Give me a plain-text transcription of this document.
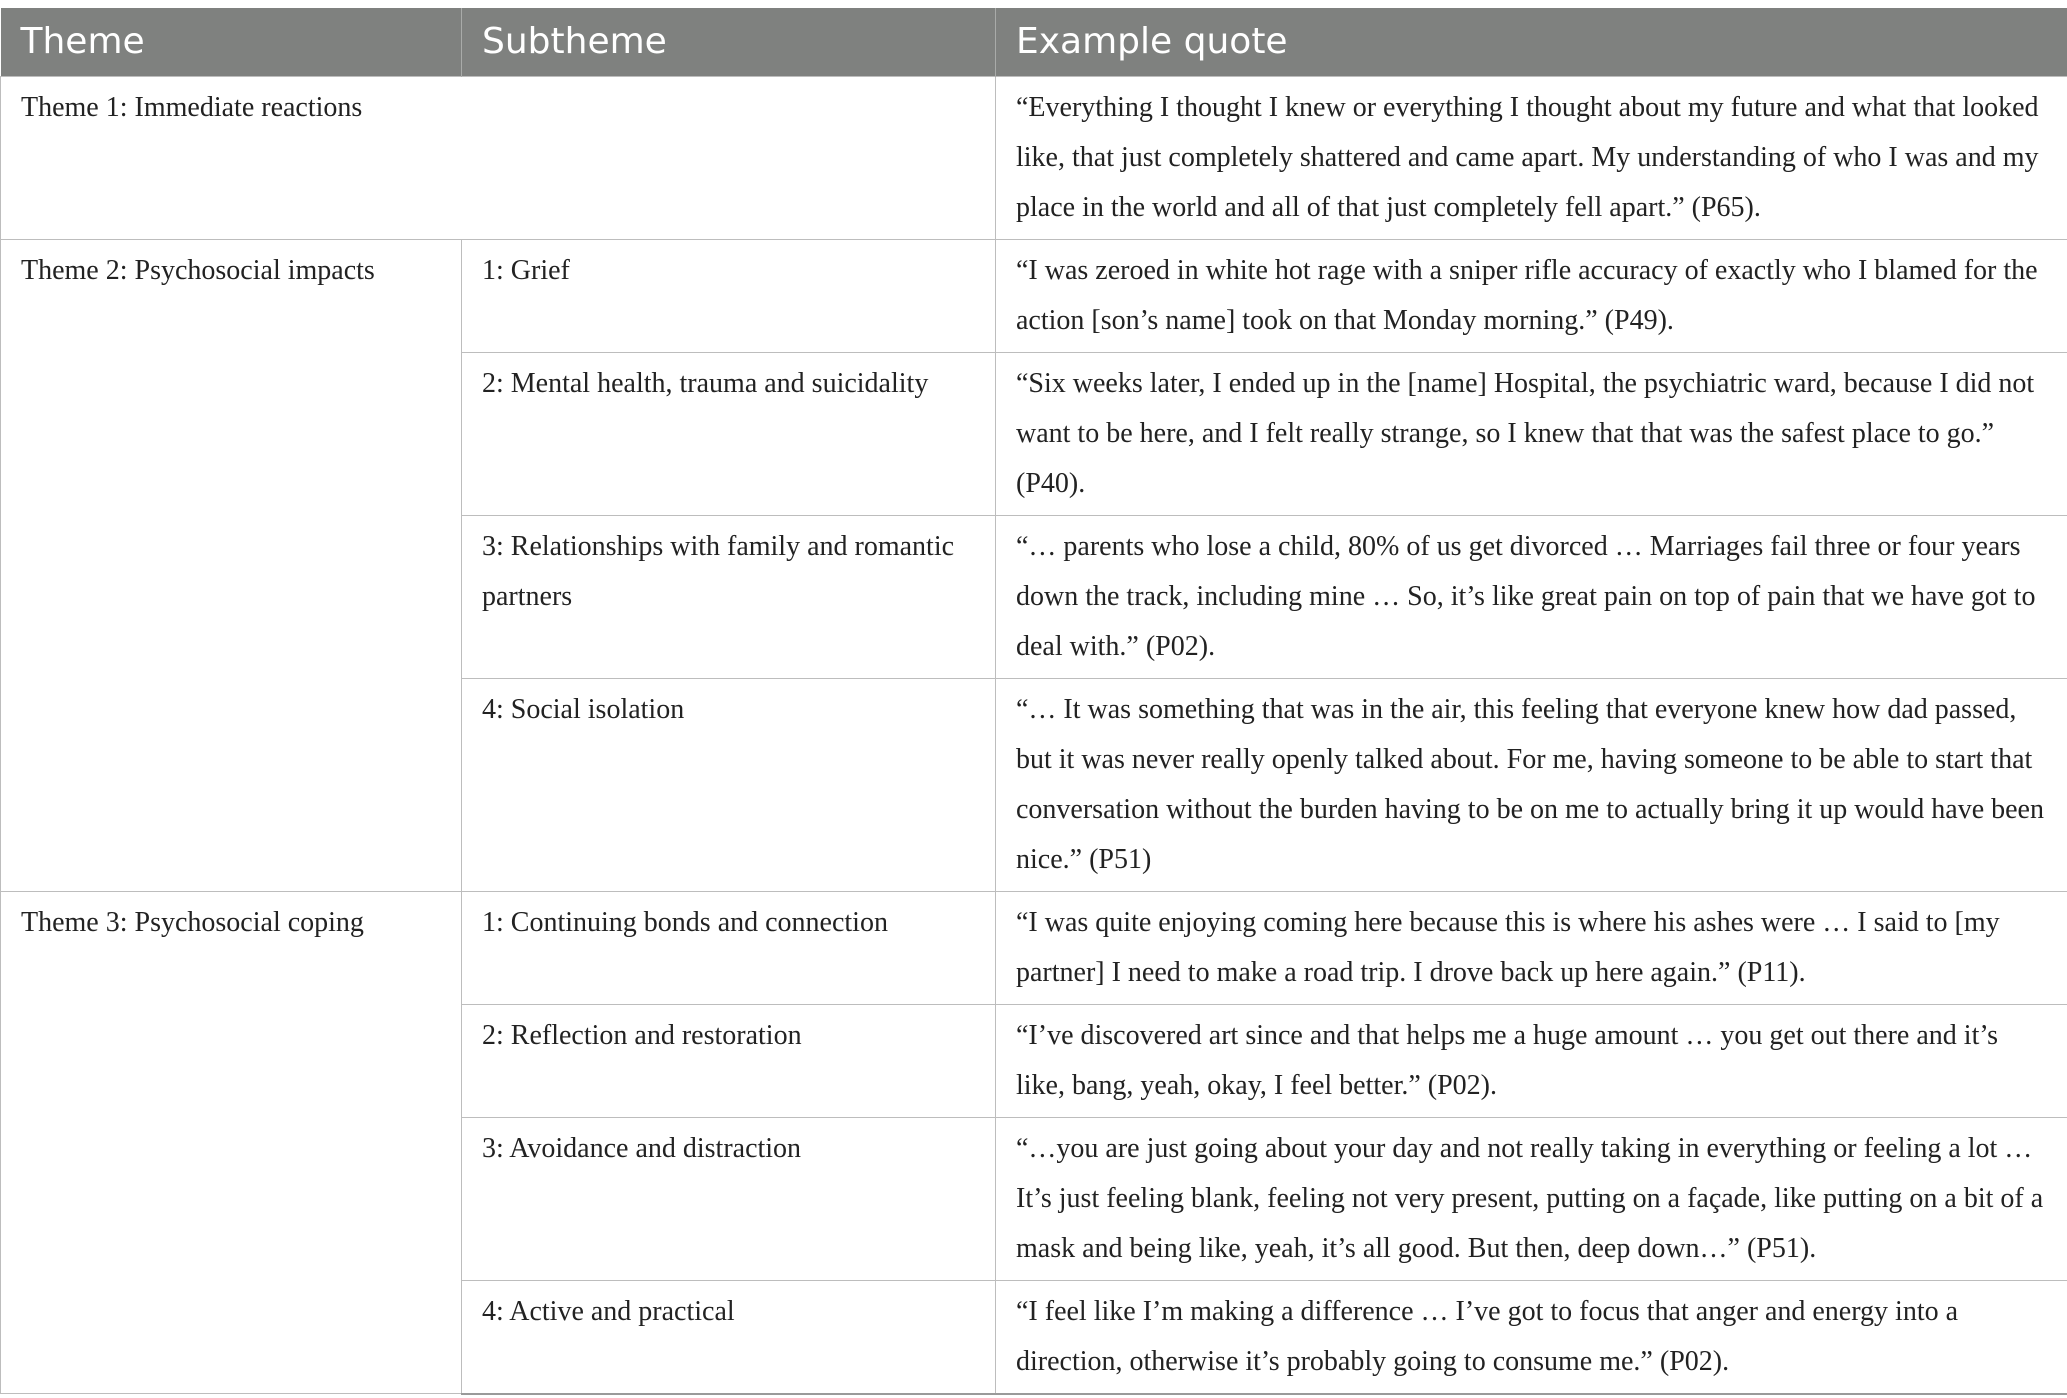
Theme	Subtheme	Example quote
Theme 1: Immediate reactions		“Everything I thought I knew or everything I thought about my future and what that looked like, that just completely shattered and came apart. My understanding of who I was and my place in the world and all of that just completely fell apart.” (P65).
Theme 2: Psychosocial impacts	1: Grief	“I was zeroed in white hot rage with a sniper rifle accuracy of exactly who I blamed for the action [son’s name] took on that Monday morning.” (P49).
	2: Mental health, trauma and suicidality	“Six weeks later, I ended up in the [name] Hospital, the psychiatric ward, because I did not want to be here, and I felt really strange, so I knew that that was the safest place to go.” (P40).
	3: Relationships with family and romantic partners	“… parents who lose a child, 80% of us get divorced … Marriages fail three or four years down the track, including mine … So, it’s like great pain on top of pain that we have got to deal with.” (P02).
	4: Social isolation	“… It was something that was in the air, this feeling that everyone knew how dad passed, but it was never really openly talked about. For me, having someone to be able to start that conversation without the burden having to be on me to actually bring it up would have been nice.” (P51)
Theme 3: Psychosocial coping	1: Continuing bonds and connection	“I was quite enjoying coming here because this is where his ashes were … I said to [my partner] I need to make a road trip. I drove back up here again.” (P11).
	2: Reflection and restoration	“I’ve discovered art since and that helps me a huge amount … you get out there and it’s like, bang, yeah, okay, I feel better.” (P02).
	3: Avoidance and distraction	“…you are just going about your day and not really taking in everything or feeling a lot … It’s just feeling blank, feeling not very present, putting on a façade, like putting on a bit of a mask and being like, yeah, it’s all good. But then, deep down…” (P51).
	4: Active and practical	“I feel like I’m making a difference … I’ve got to focus that anger and energy into a direction, otherwise it’s probably going to consume me.” (P02).
